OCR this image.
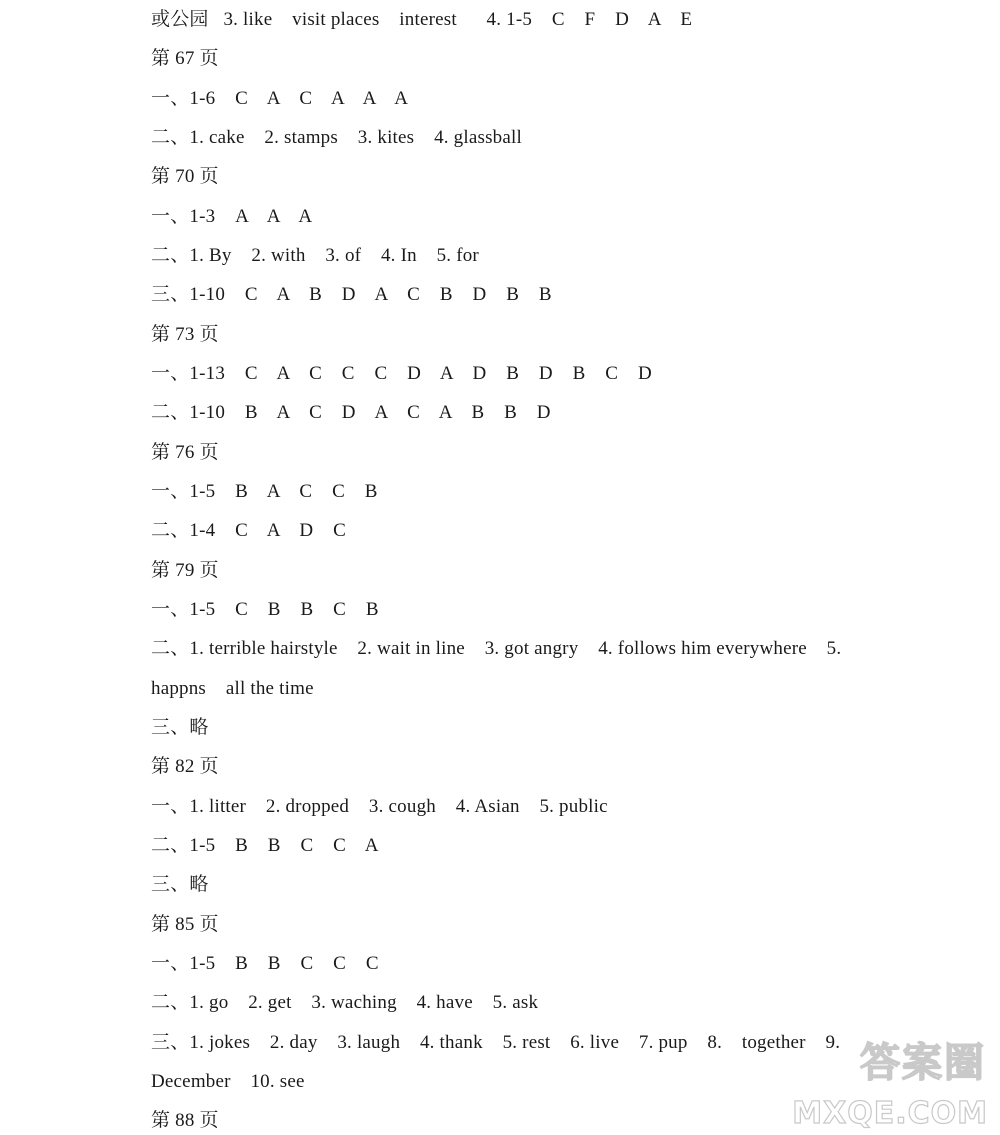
或公园   3. like    visit places    interest      4. 1-5    C    F    D    A    E
第 67 页
一、1-6    C    A    C    A    A    A
二、1. cake    2. stamps    3. kites    4. glassball
第 70 页
一、1-3    A    A    A
二、1. By    2. with    3. of    4. In    5. for
三、1-10    C    A    B    D    A    C    B    D    B    B
第 73 页
一、1-13    C    A    C    C    C    D    A    D    B    D    B    C    D
二、1-10    B    A    C    D    A    C    A    B    B    D
第 76 页
一、1-5    B    A    C    C    B
二、1-4    C    A    D    C
第 79 页
一、1-5    C    B    B    C    B
二、1. terrible hairstyle    2. wait in line    3. got angry    4. follows him everywhere    5.
happns    all the time
三、略
第 82 页
一、1. litter    2. dropped    3. cough    4. Asian    5. public
二、1-5    B    B    C    C    A
三、略
第 85 页
一、1-5    B    B    C    C    C
二、1. go    2. get    3. waching    4. have    5. ask
三、1. jokes    2. day    3. laugh    4. thank    5. rest    6. live    7. pup    8.    together    9.
December    10. see
第 88 页
答案圈
MXQE.COM
